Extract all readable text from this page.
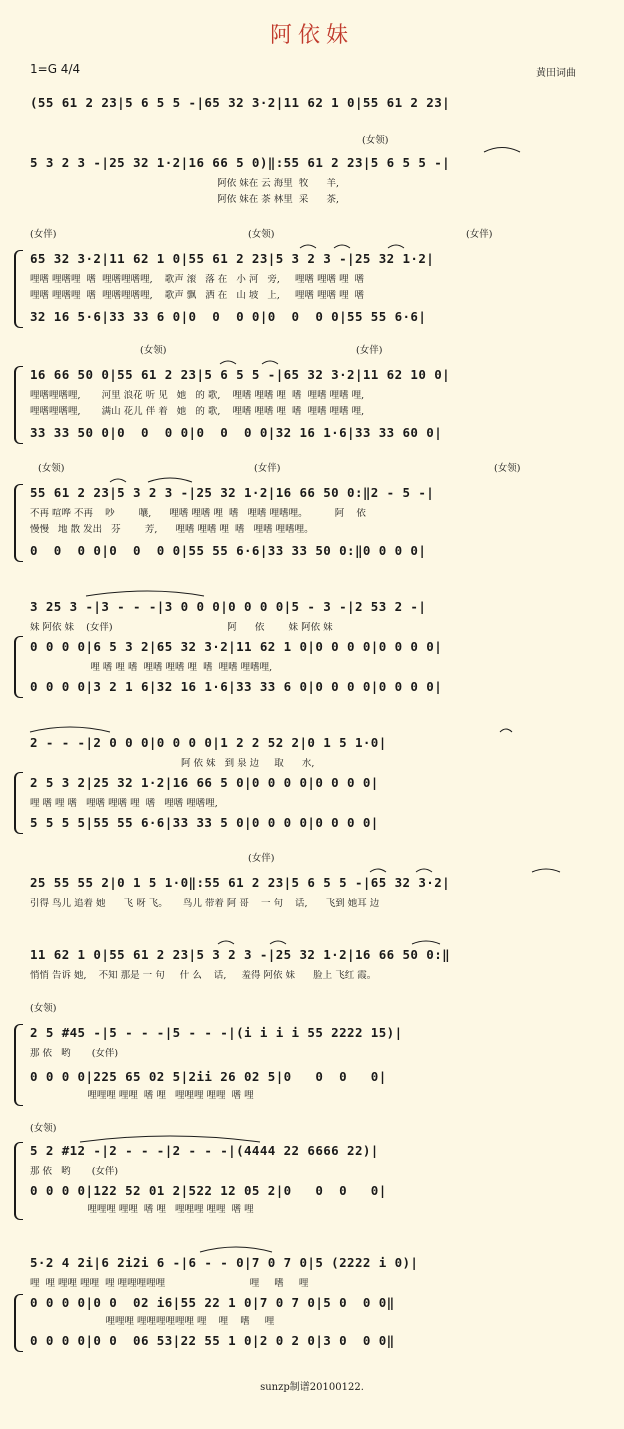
阿依妹
1=G 4/4	黄田词曲
(55 61 2 23|5 6 5 5 -|65 32 3·2|11 62 1 0|55 61 2 23|
(女领)
5 3 2 3 -|25 32 1·2|16 66 5 0)‖:55 61 2 23|5 6 5 5 -|
阿依 妹在 云 海里  牧      羊,
阿依 妹在 茶 林里  采      茶,
(女伴)	(女领)	(女伴)
65 32 3·2|11 62 1 0|55 61 2 23|5 3 2 3 -|25 32 1·2|
哩嗜 哩嗜哩  嗜  哩嗜哩嗜哩,    歌声 滚   落 在   小 河   旁,     哩嗜 哩嗜 哩  嗜
哩嗜 哩嗜哩  嗜  哩嗜哩嗜哩,    歌声 飘   洒 在   山 坡   上,     哩嗜 哩嗜 哩  嗜
32 16 5·6|33 33 6 0|0  0  0 0|0  0  0 0|55 55 6·6|
(女领)	(女伴)
16 66 50 0|55 61 2 23|5 6 5 5 -|65 32 3·2|11 62 10 0|
哩嗜哩嗜哩,       河里 浪花 听 见   她   的 歌,    哩嗜 哩嗜 哩  嗜  哩嗜 哩嗜 哩,
哩嗜哩嗜哩,       满山 花儿 伴 着   她   的 歌,    哩嗜 哩嗜 哩  嗜  哩嗜 哩嗜 哩,
33 33 50 0|0  0  0 0|0  0  0 0|32 16 1·6|33 33 60 0|
(女领)	(女伴)	(女领)
55 61 2 23|5 3 2 3 -|25 32 1·2|16 66 50 0:‖2 - 5 -|
不再 喧哗 不再    吵        嚷,      哩嗜 哩嗜 哩  嗜   哩嗜 哩嗜哩。         阿    依
慢慢   地 散 发出   芬        芳,      哩嗜 哩嗜 哩  嗜   哩嗜 哩嗜哩。
0  0  0 0|0  0  0 0|55 55 6·6|33 33 50 0:‖0 0 0 0|
3 25 3 -|3 - - -|3 0 0 0|0 0 0 0|5 - 3 -|2 53 2 -|
妹 阿依 妹    (女伴)                                      阿      依        妹 阿依 妹
0 0 0 0|6 5 3 2|65 32 3·2|11 62 1 0|0 0 0 0|0 0 0 0|
哩 嗜 哩 嗜  哩嗜 哩嗜 哩  嗜  哩嗜 哩嗜哩,
0 0 0 0|3 2 1 6|32 16 1·6|33 33 6 0|0 0 0 0|0 0 0 0|
2 - - -|2 0 0 0|0 0 0 0|1 2 2 52 2|0 1 5 1·0|
阿 依 妹   到 泉 边     取      水,
2 5 3 2|25 32 1·2|16 66 5 0|0 0 0 0|0 0 0 0|
哩 嗜 哩 嗜   哩嗜 哩嗜 哩  嗜   哩嗜 哩嗜哩,
5 5 5 5|55 55 6·6|33 33 5 0|0 0 0 0|0 0 0 0|
(女伴)
25 55 55 2|0 1 5 1·0‖:55 61 2 23|5 6 5 5 -|65 32 3·2|
引得 鸟儿 追着 她      飞 呀 飞。     鸟儿 带着 阿 哥    一 句    话,      飞到 她耳 边
11 62 1 0|55 61 2 23|5 3 2 3 -|25 32 1·2|16 66 50 0:‖
悄悄 告诉 她,    不知 那是 一 句     什 么    话,     羞得 阿依 妹      脸上 飞红 霞。
(女领)
2 5 #45 -|5 - - -|5 - - -|(i i i i 55 2222 15)|
那 依   哟       (女伴)
0 0 0 0|225 65 02 5|2ii 26 02 5|0   0  0   0|
哩哩哩 哩哩  嗜 哩   哩哩哩 哩哩  嗜 哩
(女领)
5 2 #12 -|2 - - -|2 - - -|(4444 22 6666 22)|
那 依   哟       (女伴)
0 0 0 0|122 52 01 2|522 12 05 2|0   0  0   0|
哩哩哩 哩哩  嗜 哩   哩哩哩 哩哩  嗜 哩
5·2 4 2i|6 2i2i 6 -|6 - - 0|7 0 7 0|5 (2222 i 0)|
哩  哩 哩哩 哩哩  哩 哩哩哩哩哩                            哩     嗜     哩
0 0 0 0|0 0  02 i6|55 22 1 0|7 0 7 0|5 0  0 0‖
哩哩哩 哩哩哩哩哩哩 哩    哩    嗜     哩
0 0 0 0|0 0  06 53|22 55 1 0|2 0 2 0|3 0  0 0‖
sunzp制谱20100122.
